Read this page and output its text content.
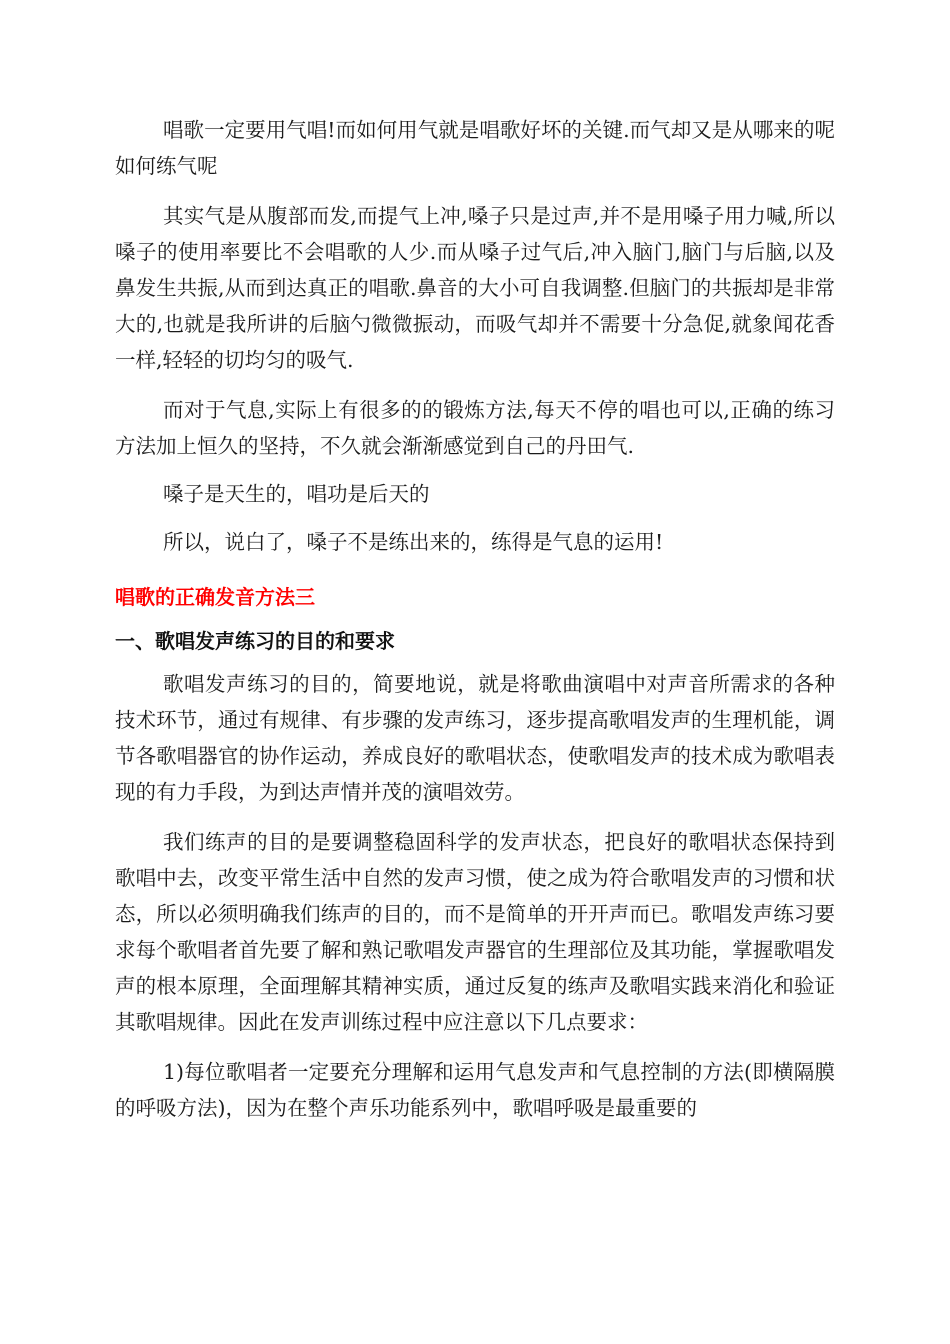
唱歌一定要用气唱!而如何用气就是唱歌好坏的关键.而气却又是从哪来的呢如何练气呢

其实气是从腹部而发,而提气上冲,嗓子只是过声,并不是用嗓子用力喊,所以嗓子的使用率要比不会唱歌的人少.而从嗓子过气后,冲入脑门,脑门与后脑,以及鼻发生共振,从而到达真正的唱歌.鼻音的大小可自我调整.但脑门的共振却是非常大的,也就是我所讲的后脑勺微微振动，而吸气却并不需要十分急促,就象闻花香一样,轻轻的切均匀的吸气.

而对于气息,实际上有很多的的锻炼方法,每天不停的唱也可以,正确的练习方法加上恒久的坚持，不久就会渐渐感觉到自己的丹田气.

嗓子是天生的，唱功是后天的

所以，说白了，嗓子不是练出来的，练得是气息的运用!

唱歌的正确发音方法三
一、歌唱发声练习的目的和要求

歌唱发声练习的目的，简要地说，就是将歌曲演唱中对声音所需求的各种技术环节，通过有规律、有步骤的发声练习，逐步提高歌唱发声的生理机能，调节各歌唱器官的协作运动，养成良好的歌唱状态，使歌唱发声的技术成为歌唱表现的有力手段，为到达声情并茂的演唱效劳。

我们练声的目的是要调整稳固科学的发声状态，把良好的歌唱状态保持到歌唱中去，改变平常生活中自然的发声习惯，使之成为符合歌唱发声的习惯和状态，所以必须明确我们练声的目的，而不是简单的开开声而已。歌唱发声练习要求每个歌唱者首先要了解和熟记歌唱发声器官的生理部位及其功能，掌握歌唱发声的根本原理，全面理解其精神实质，通过反复的练声及歌唱实践来消化和验证其歌唱规律。因此在发声训练过程中应注意以下几点要求：

1)每位歌唱者一定要充分理解和运用气息发声和气息控制的方法(即横隔膜的呼吸方法)，因为在整个声乐功能系列中，歌唱呼吸是最重要的
